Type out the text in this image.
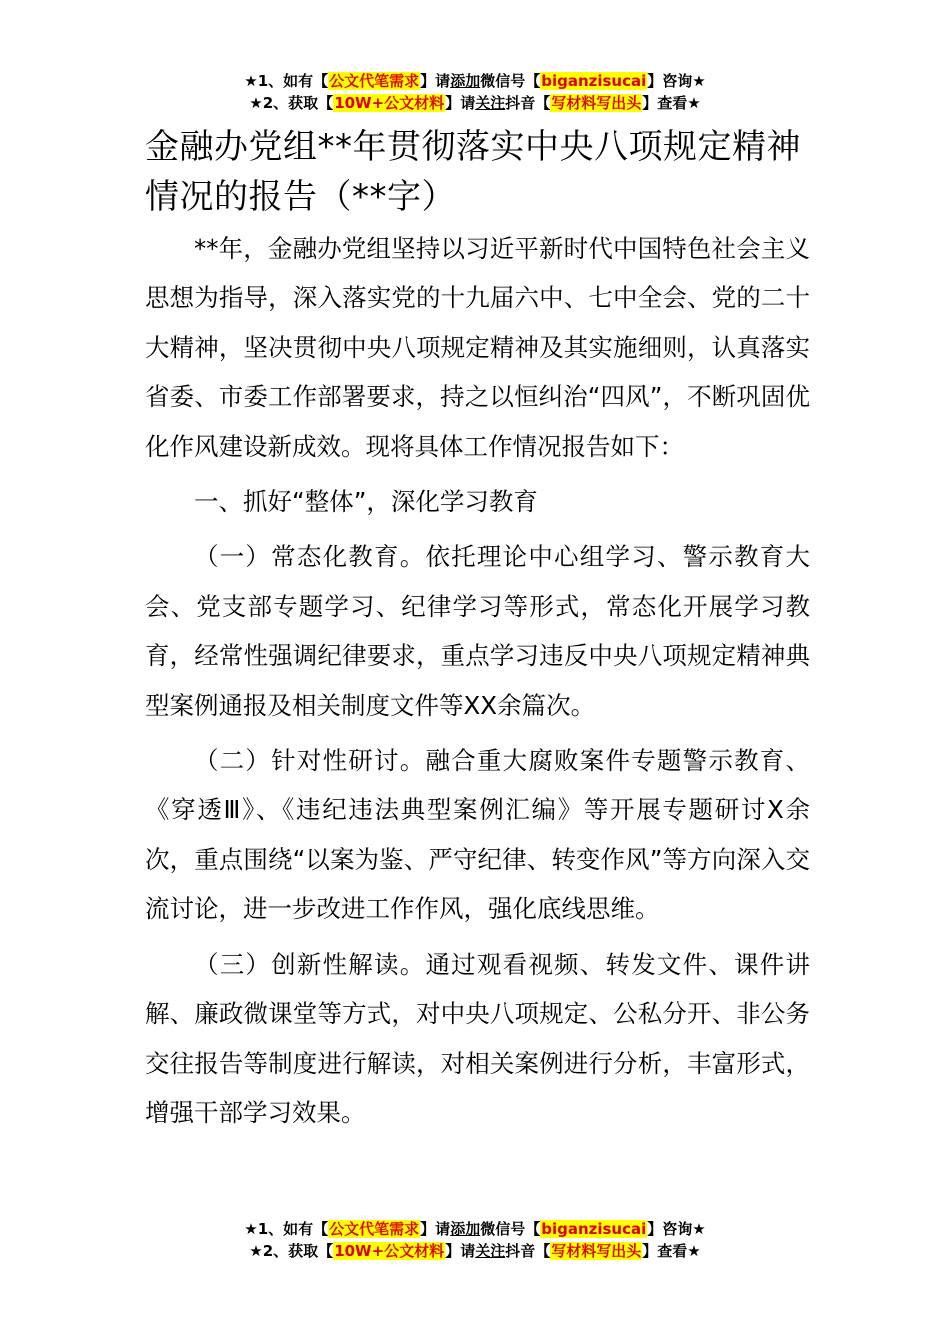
★1、如有【公文代笔需求】请添加微信号【biganzisucai】咨询★
★2、获取【10W+公文材料】请关注抖音【写材料写出头】查看★
金融办党组**年贯彻落实中央八项规定精神情况的报告（**字）

**年，金融办党组坚持以习近平新时代中国特色社会主义思想为指导，深入落实党的十九届六中、七中全会、党的二十大精神，坚决贯彻中央八项规定精神及其实施细则，认真落实省委、市委工作部署要求，持之以恒纠治“四风”，不断巩固优化作风建设新成效。现将具体工作情况报告如下：

一、抓好“整体”，深化学习教育

（一）常态化教育。依托理论中心组学习、警示教育大会、党支部专题学习、纪律学习等形式，常态化开展学习教育，经常性强调纪律要求，重点学习违反中央八项规定精神典型案例通报及相关制度文件等XX余篇次。

（二）针对性研讨。融合重大腐败案件专题警示教育、《穿透Ⅲ》、《违纪违法典型案例汇编》等开展专题研讨X余次，重点围绕“以案为鉴、严守纪律、转变作风”等方向深入交流讨论，进一步改进工作作风，强化底线思维。

（三）创新性解读。通过观看视频、转发文件、课件讲解、廉政微课堂等方式，对中央八项规定、公私分开、非公务交往报告等制度进行解读，对相关案例进行分析，丰富形式，增强干部学习效果。

★1、如有【公文代笔需求】请添加微信号【biganzisucai】咨询★
★2、获取【10W+公文材料】请关注抖音【写材料写出头】查看★
